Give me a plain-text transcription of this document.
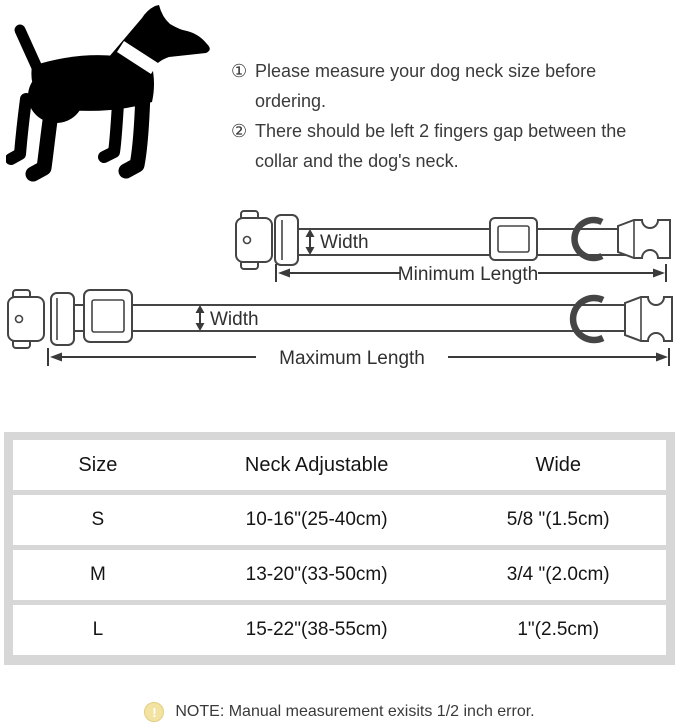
① Please measure your dog neck size before ordering.
② There should be left 2 fingers gap between the collar and the dog's neck.
Width
Minimum Length
Width
Maximum Length
Size	Neck Adjustable	Wide
S	10-16"(25-40cm)	5/8 "(1.5cm)
M	13-20"(33-50cm)	3/4 "(2.0cm)
L	15-22"(38-55cm)	1"(2.5cm)
!	NOTE: Manual measurement exisits 1/2 inch error.
